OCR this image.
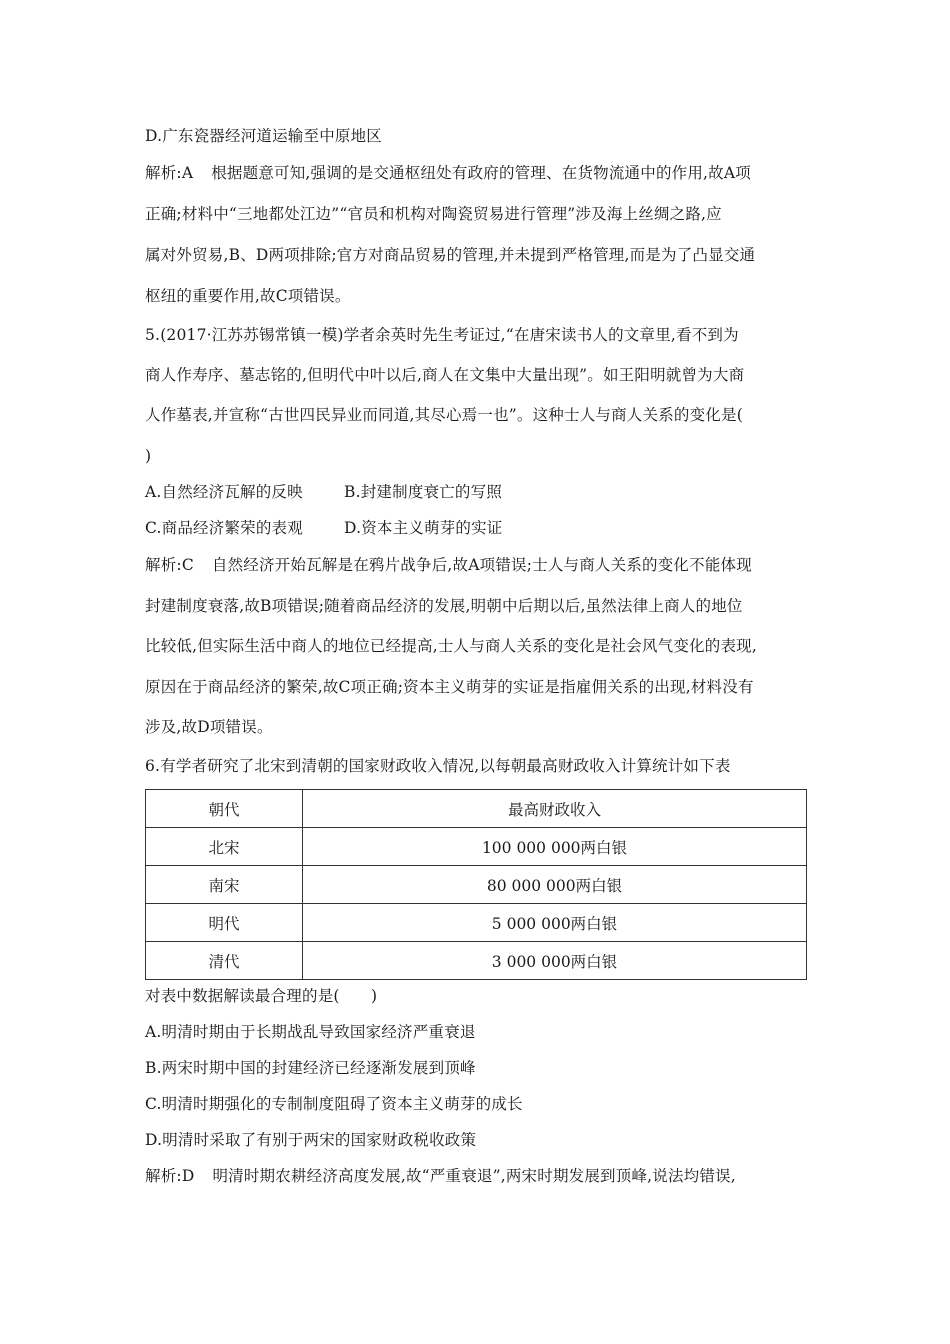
D.广东瓷器经河道运输至中原地区
解析:A 根据题意可知,强调的是交通枢纽处有政府的管理、在货物流通中的作用,故A项
正确;材料中“三地都处江边”“官员和机构对陶瓷贸易进行管理”涉及海上丝绸之路,应
属对外贸易,B、D两项排除;官方对商品贸易的管理,并未提到严格管理,而是为了凸显交通
枢纽的重要作用,故C项错误。
5.(2017·江苏苏锡常镇一模)学者余英时先生考证过,“在唐宋读书人的文章里,看不到为
商人作寿序、墓志铭的,但明代中叶以后,商人在文集中大量出现”。如王阳明就曾为大商
人作墓表,并宣称“古世四民异业而同道,其尽心焉一也”。这种士人与商人关系的变化是(
)
A.自然经济瓦解的反映	B.封建制度衰亡的写照
C.商品经济繁荣的表观	D.资本主义萌芽的实证
解析:C 自然经济开始瓦解是在鸦片战争后,故A项错误;士人与商人关系的变化不能体现
封建制度衰落,故B项错误;随着商品经济的发展,明朝中后期以后,虽然法律上商人的地位
比较低,但实际生活中商人的地位已经提高,士人与商人关系的变化是社会风气变化的表现,
原因在于商品经济的繁荣,故C项正确;资本主义萌芽的实证是指雇佣关系的出现,材料没有
涉及,故D项错误。
6.有学者研究了北宋到清朝的国家财政收入情况,以每朝最高财政收入计算统计如下表
朝代	最高财政收入
北宋	100 000 000两白银
南宋	80 000 000两白银
明代	5 000 000两白银
清代	3 000 000两白银
对表中数据解读最合理的是(　　)
A.明清时期由于长期战乱导致国家经济严重衰退
B.两宋时期中国的封建经济已经逐渐发展到顶峰
C.明清时期强化的专制制度阻碍了资本主义萌芽的成长
D.明清时采取了有别于两宋的国家财政税收政策
解析:D 明清时期农耕经济高度发展,故“严重衰退”,两宋时期发展到顶峰,说法均错误,
